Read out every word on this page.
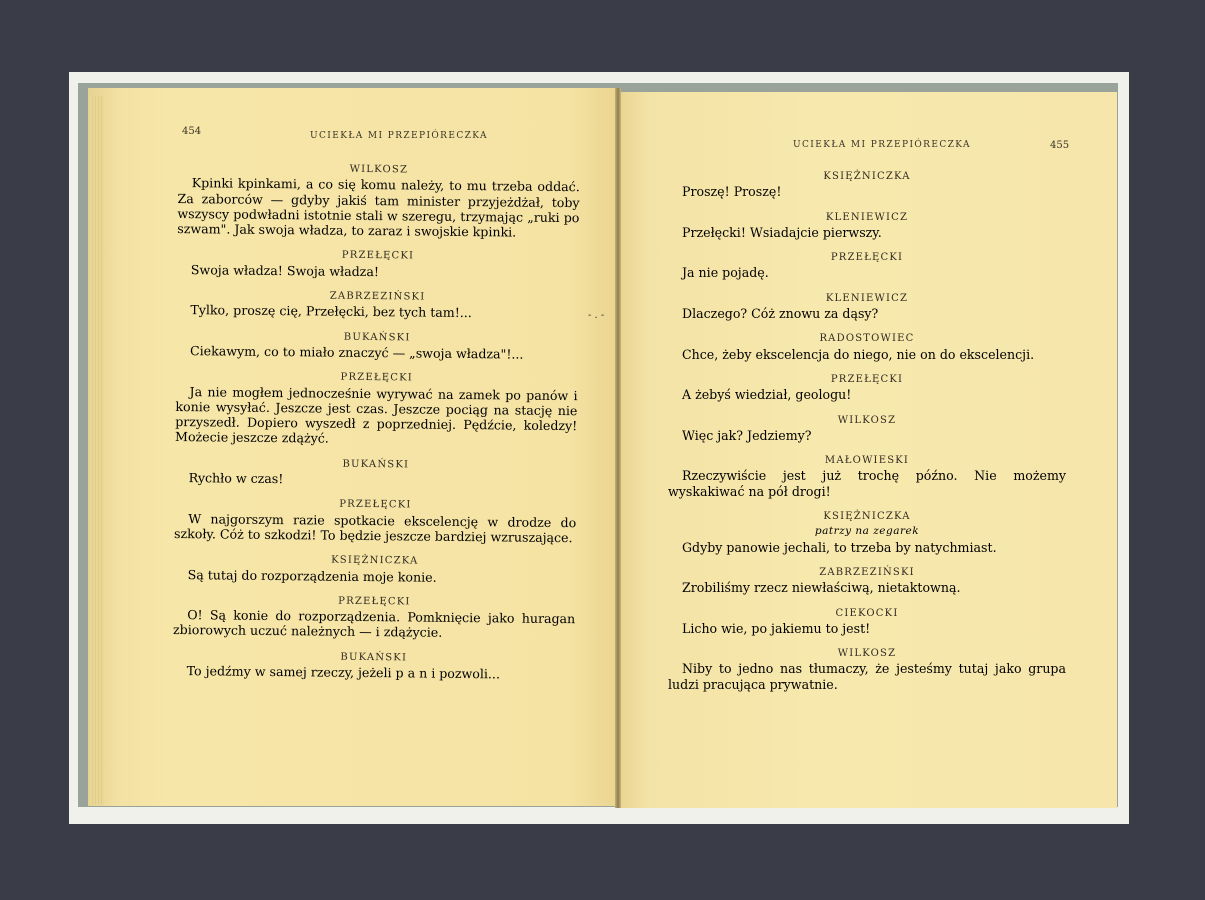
454	UCIEKŁA MI PRZEPIÓRECZKA

WILKOSZ

Kpinki kpinkami, a co się komu należy, to mu trzeba oddać. Za zaborców — gdyby jakiś tam minister przyjeżdżał, toby wszyscy podwładni istotnie stali w szeregu, trzymając „ruki po szwam". Jak swoja władza, to zaraz i swojskie kpinki.

PRZEŁĘCKI

Swoja władza! Swoja władza!

ZABRZEZIŃSKI

Tylko, proszę cię, Przełęcki, bez tych tam!...

BUKAŃSKI

Ciekawym, co to miało znaczyć — „swoja władza"!...

PRZEŁĘCKI

Ja nie mogłem jednocześnie wyrywać na zamek po panów i konie wysyłać. Jeszcze jest czas. Jeszcze pociąg na stację nie przyszedł. Dopiero wyszedł z poprzedniej. Pędźcie, koledzy! Możecie jeszcze zdążyć.

BUKAŃSKI

Rychło w czas!

PRZEŁĘCKI

W najgorszym razie spotkacie ekscelencję w drodze do szkoły. Cóż to szkodzi! To będzie jeszcze bardziej wzruszające.

KSIĘŻNICZKA

Są tutaj do rozporządzenia moje konie.

PRZEŁĘCKI

O! Są konie do rozporządzenia. Pomknięcie jako huragan zbiorowych uczuć należnych — i zdążycie.

BUKAŃSKI

To jedźmy w samej rzeczy, jeżeli p a n i pozwoli...

- . -
UCIEKŁA MI PRZEPIÓRECZKA	455

KSIĘŻNICZKA

Proszę! Proszę!

KLENIEWICZ

Przełęcki! Wsiadajcie pierwszy.

PRZEŁĘCKI

Ja nie pojadę.

KLENIEWICZ

Dlaczego? Cóż znowu za dąsy?

RADOSTOWIEC

Chce, żeby ekscelencja do niego, nie on do ekscelencji.

PRZEŁĘCKI

A żebyś wiedział, geologu!

WILKOSZ

Więc jak? Jedziemy?

MAŁOWIESKI

Rzeczywiście jest już trochę późno. Nie możemy wyskakiwać na pół drogi!

KSIĘŻNICZKA

patrzy na zegarek

Gdyby panowie jechali, to trzeba by natychmiast.

ZABRZEZIŃSKI

Zrobiliśmy rzecz niewłaściwą, nietaktowną.

CIEKOCKI

Licho wie, po jakiemu to jest!

WILKOSZ

Niby to jedno nas tłumaczy, że jesteśmy tutaj jako grupa ludzi pracująca prywatnie.
